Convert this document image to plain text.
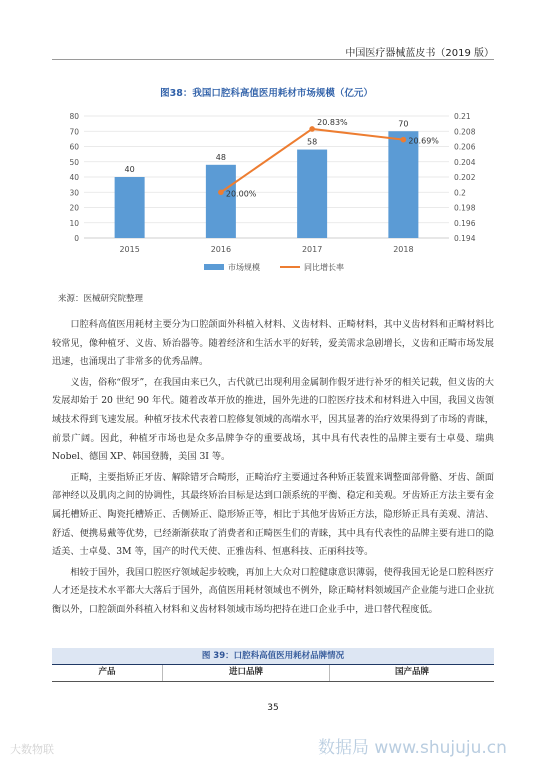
中国医疗器械蓝皮书（2019 版）
图38：我国口腔科高值医用耗材市场规模（亿元）
0	0.194
10	0.196
20	0.198
30	0.2
40	0.202
50	0.204
60	0.206
70	0.208
80	0.21
40
2015
48
2016
58
2017
70
2018
20.00%
20.83%
20.69%
市场规模	同比增长率
来源：医械研究院整理

口腔科高值医用耗材主要分为口腔颌面外科植入材料、义齿材料、正畸材料，其中义齿材料和正畸材料比较常见，像种植牙、义齿、矫治器等。随着经济和生活水平的好转，爱美需求急剧增长，义齿和正畸市场发展迅速，也涌现出了非常多的优秀品牌。

义齿，俗称“假牙”，在我国由来已久，古代就已出现利用金属制作假牙进行补牙的相关记载，但义齿的大发展却始于 20 世纪 90 年代。随着改革开放的推进，国外先进的口腔医疗技术和材料进入中国，我国义齿领域技术得到飞速发展。种植牙技术代表着口腔修复领域的高端水平，因其显著的治疗效果得到了市场的青睐，前景广阔。因此，种植牙市场也是众多品牌争夺的重要战场，其中具有代表性的品牌主要有士卓曼、瑞典 Nobel、德国 XP、韩国登腾，美国 3I 等。

正畸，主要指矫正牙齿、解除错牙合畸形，正畸治疗主要通过各种矫正装置来调整面部骨骼、牙齿、颌面部神经以及肌肉之间的协调性，其最终矫治目标是达到口颌系统的平衡、稳定和美观。牙齿矫正方法主要有金属托槽矫正、陶瓷托槽矫正、舌侧矫正、隐形矫正等，相比于其他牙齿矫正方法，隐形矫正具有美观、清洁、舒适、便携易戴等优势，已经渐渐获取了消费者和正畸医生们的青睐，其中具有代表性的品牌主要有进口的隐适美、士卓曼、3M 等，国产的时代天使、正雅齿科、恒惠科技、正丽科技等。

相较于国外，我国口腔医疗领域起步较晚，再加上大众对口腔健康意识薄弱，使得我国无论是口腔科医疗人才还是技术水平都大大落后于国外，高值医用耗材领域也不例外，除正畸材料领域国产企业能与进口企业抗衡以外，口腔颌面外科植入材料和义齿材料领域市场均把持在进口企业手中，进口替代程度低。

图 39：口腔科高值医用耗材品牌情况
产品	进口品牌	国产品牌
35
大数物联	数据局 www.shujuju.cn
